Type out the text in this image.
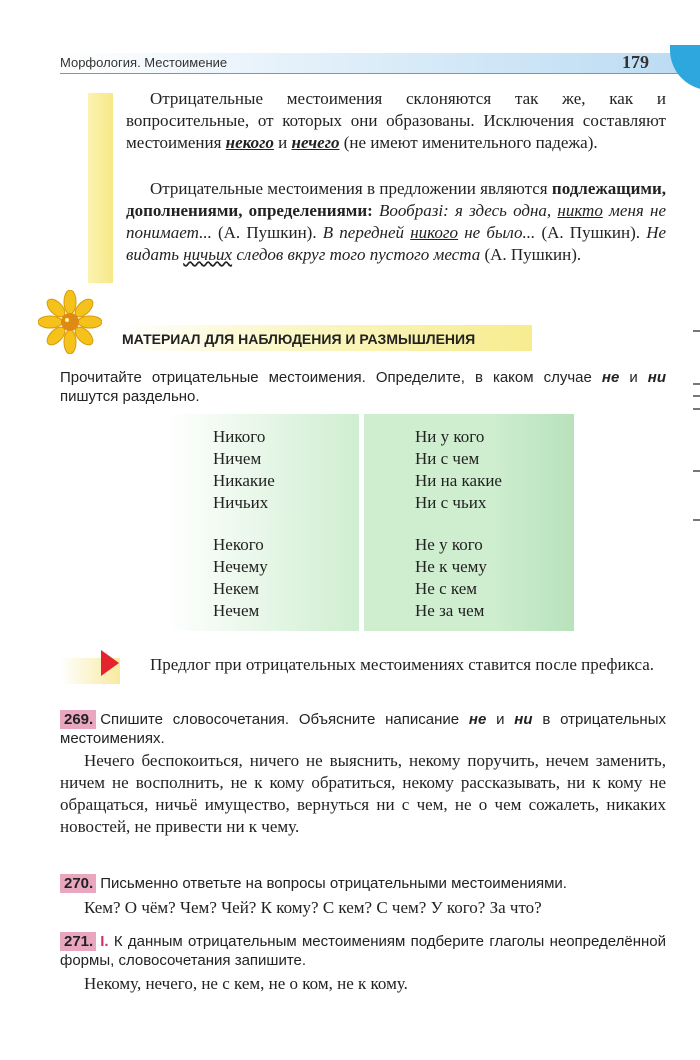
Морфология. Местоимение	179
Отрицательные местоимения склоняются так же, как и вопросительные, от которых они образованы. Исключения составляют местоимения некого и нечего (не имеют именительного падежа).
Отрицательные местоимения в предложении являются подлежащими, дополнениями, определениями: Вообразі: я здесь одна, никто меня не понимает... (А. Пушкин). В передней никого не было... (А. Пушкин). Не видать ничьих следов вкруг того пустого места (А. Пушкин).
МАТЕРИАЛ ДЛЯ НАБЛЮДЕНИЯ И РАЗМЫШЛЕНИЯ
Прочитайте отрицательные местоимения. Определите, в каком случае не и ни пишутся раздельно.
Никого
Ничем
Никакие
Ничьих
Некого
Нечему
Некем
Нечем
Ни у кого
Ни с чем
Ни на какие
Ни с чьих
Не у кого
Не к чему
Не с кем
Не за чем
Предлог при отрицательных местоимениях ставится после префикса.
269. Спишите словосочетания. Объясните написание не и ни в отрицательных местоимениях.
Нечего беспокоиться, ничего не выяснить, некому поручить, нечем заменить, ничем не восполнить, не к кому обратиться, некому рассказывать, ни к кому не обращаться, ничьё имущество, вернуться ни с чем, не о чем сожалеть, никаких новостей, не привести ни к чему.
270. Письменно ответьте на вопросы отрицательными местоимениями.
Кем? О чём? Чем? Чей? К кому? С кем? С чем? У кого? За что?
271. I. К данным отрицательным местоимениям подберите глаголы неопределённой формы, словосочетания запишите.
Некому, нечего, не с кем, не о ком, не к кому.
